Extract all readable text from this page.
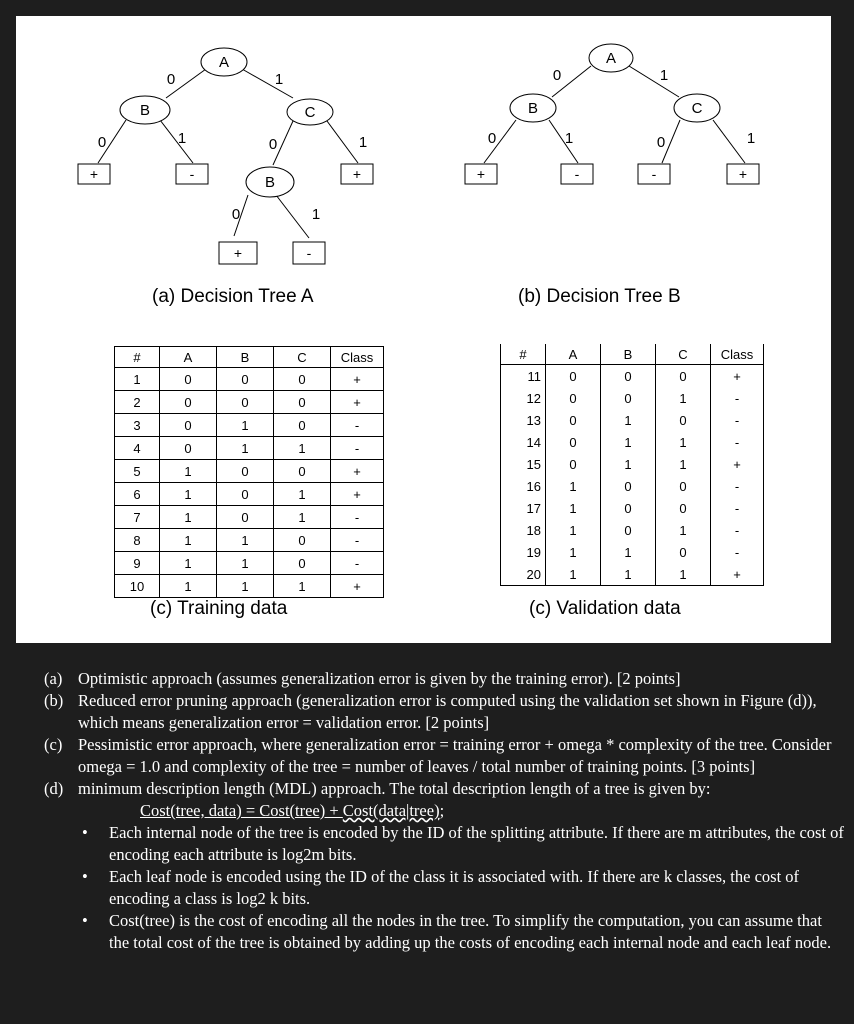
A
B	C
B
+	-	+
+	-
0	1
0	1	0	1
0	1
A
B	C
+	-	-	+
0	1
0	1	0	1
(a) Decision Tree A	(b) Decision Tree B
#	A	B	C	Class
1	0	0	0	+
2	0	0	0	+
3	0	1	0	-
4	0	1	1	-
5	1	0	0	+
6	1	0	1	+
7	1	0	1	-
8	1	1	0	-
9	1	1	0	-
10	1	1	1	+
#	A	B	C	Class
11	0	0	0	+
12	0	0	1	-
13	0	1	0	-
14	0	1	1	-
15	0	1	1	+
16	1	0	0	-
17	1	0	0	-
18	1	0	1	-
19	1	1	0	-
20	1	1	1	+
(c) Training data	(c) Validation data
(a) Optimistic approach (assumes generalization error is given by the training error). [2 points]
(b) Reduced error pruning approach (generalization error is computed using the validation set shown in Figure (d)), which means generalization error = validation error. [2 points]
(c) Pessimistic error approach, where generalization error = training error + omega * complexity of the tree. Consider omega = 1.0 and complexity of the tree = number of leaves / total number of training points. [3 points]
(d) minimum description length (MDL) approach. The total description length of a tree is given by:
Cost(tree, data) = Cost(tree) + Cost(data|tree);
• Each internal node of the tree is encoded by the ID of the splitting attribute. If there are m attributes, the cost of encoding each attribute is log2m bits.
• Each leaf node is encoded using the ID of the class it is associated with. If there are k classes, the cost of encoding a class is log2 k bits.
• Cost(tree) is the cost of encoding all the nodes in the tree. To simplify the computation, you can assume that the total cost of the tree is obtained by adding up the costs of encoding each internal node and each leaf node.
